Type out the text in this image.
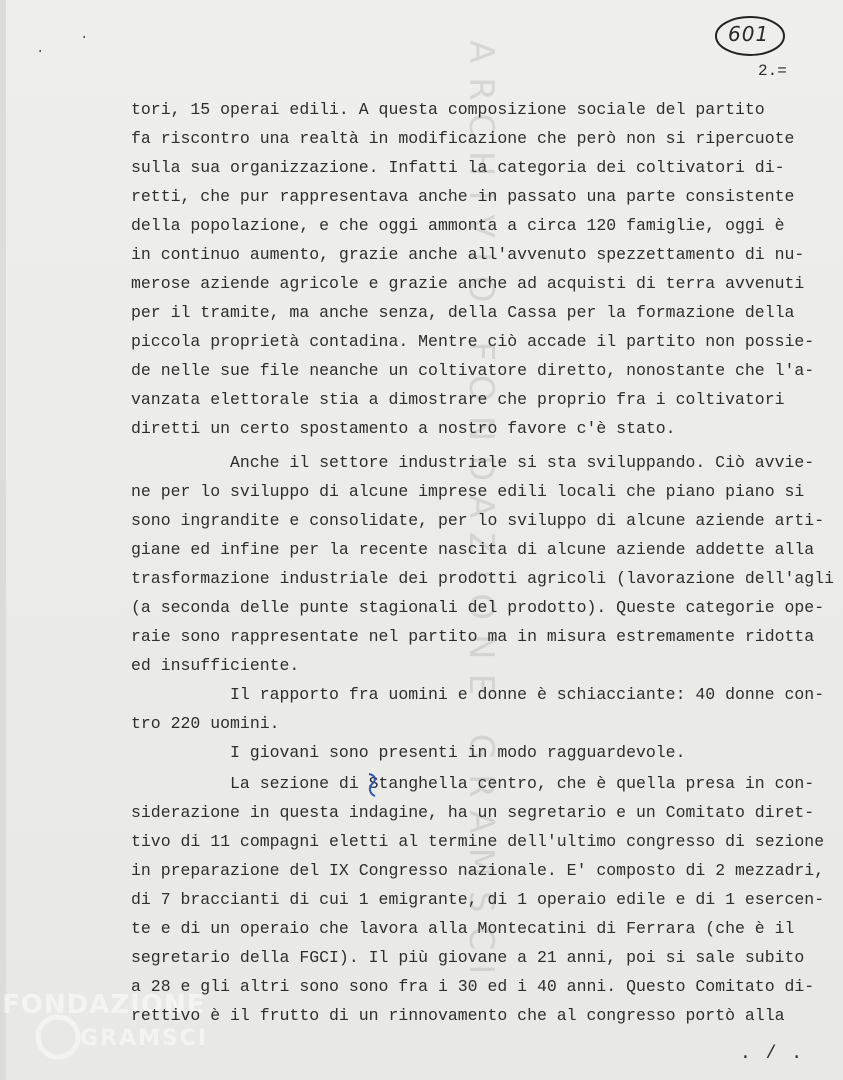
ARCHIVIO FONDAZIONE GRAMSCI
FONDAZIONE
GRAMSCI
601
2.=
·
·
tori, 15 operai edili. A questa composizione sociale del partito
fa riscontro una realtà in modificazione che però non si ripercuote
sulla sua organizzazione. Infatti la categoria dei coltivatori di-
retti, che pur rappresentava anche in passato una parte consistente
della popolazione, e che oggi ammonta a circa 120 famiglie, oggi è
in continuo aumento, grazie anche all'avvenuto spezzettamento di nu-
merose aziende agricole e grazie anche ad acquisti di terra avvenuti
per il tramite, ma anche senza, della Cassa per la formazione della
piccola proprietà contadina. Mentre ciò accade il partito non possie-
de nelle sue file neanche un coltivatore diretto, nonostante che l'a-
vanzata elettorale stia a dimostrare che proprio fra i coltivatori
diretti un certo spostamento a nostro favore c'è stato.
Anche il settore industriale si sta sviluppando. Ciò avvie-
ne per lo sviluppo di alcune imprese edili locali che piano piano si
sono ingrandite e consolidate, per lo sviluppo di alcune aziende arti-
giane ed infine per la recente nascita di alcune aziende addette alla
trasformazione industriale dei prodotti agricoli (lavorazione dell'agli
(a seconda delle punte stagionali del prodotto). Queste categorie ope-
raie sono rappresentate nel partito ma in misura estremamente ridotta
ed insufficiente.
Il rapporto fra uomini e donne è schiacciante: 40 donne con-
tro 220 uomini.
I giovani sono presenti in modo ragguardevole.
La sezione di Stanghella centro, che è quella presa in con-
siderazione in questa indagine, ha un segretario e un Comitato diret-
tivo di 11 compagni eletti al termine dell'ultimo congresso di sezione
in preparazione del IX Congresso nazionale. E' composto di 2 mezzadri,
di 7 braccianti di cui 1 emigrante, di 1 operaio edile e di 1 esercen-
te e di un operaio che lavora alla Montecatini di Ferrara (che è il
segretario della FGCI). Il più giovane a 21 anni, poi si sale subito
a 28 e gli altri sono sono fra i 30 ed i 40 anni. Questo Comitato di-
rettivo è il frutto di un rinnovamento che al congresso portò alla
. / .
